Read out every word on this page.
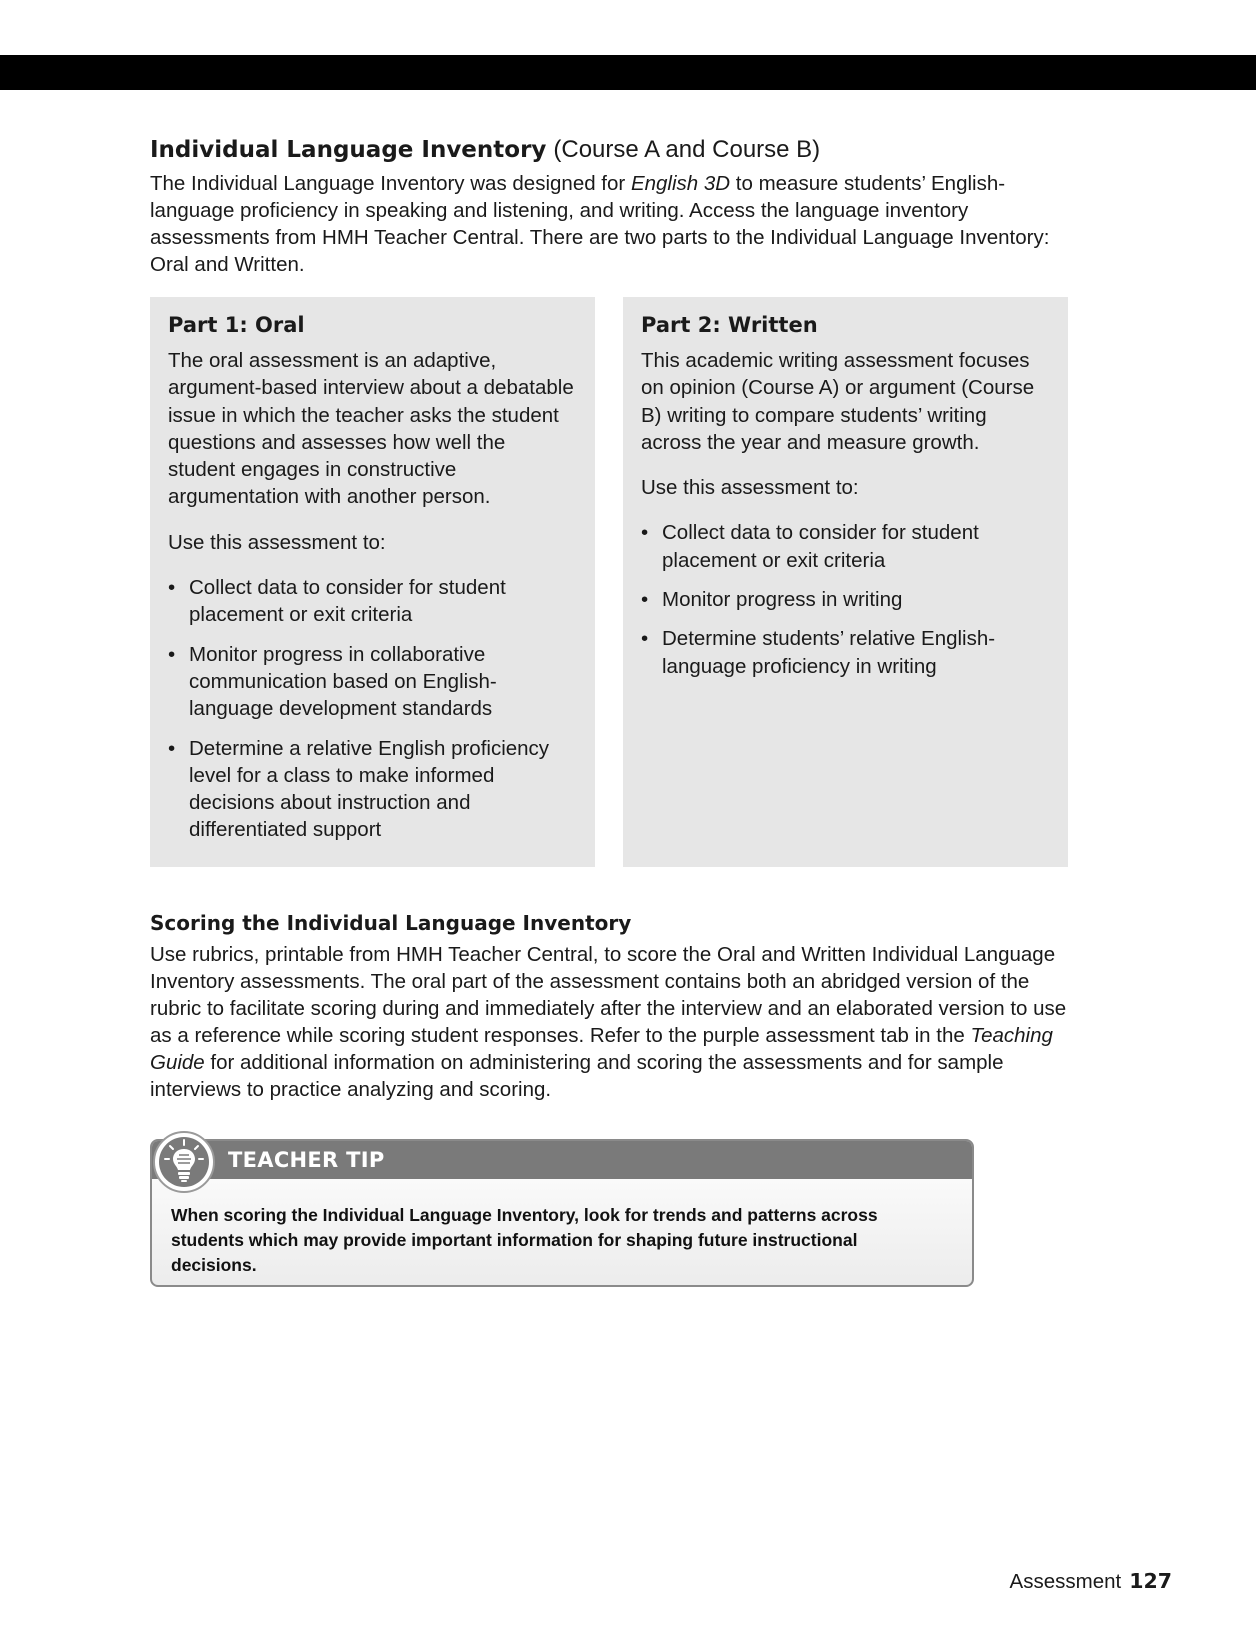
Individual Language Inventory (Course A and Course B)

The Individual Language Inventory was designed for English 3D to measure students’ English-language proficiency in speaking and listening, and writing. Access the language inventory assessments from HMH Teacher Central. There are two parts to the Individual Language Inventory: Oral and Written.

Part 1: Oral

The oral assessment is an adaptive, argument-based interview about a debatable issue in which the teacher asks the student questions and assesses how well the student engages in constructive argumentation with another person.

Use this assessment to:

• Collect data to consider for student placement or exit criteria
• Monitor progress in collaborative communication based on English-language development standards
• Determine a relative English proficiency level for a class to make informed decisions about instruction and differentiated support
Part 2: Written

This academic writing assessment focuses on opinion (Course A) or argument (Course B) writing to compare students’ writing across the year and measure growth.

Use this assessment to:

• Collect data to consider for student placement or exit criteria
• Monitor progress in writing
• Determine students’ relative English-language proficiency in writing
Scoring the Individual Language Inventory

Use rubrics, printable from HMH Teacher Central, to score the Oral and Written Individual Language Inventory assessments. The oral part of the assessment contains both an abridged version of the rubric to facilitate scoring during and immediately after the interview and an elaborated version to use as a reference while scoring student responses. Refer to the purple assessment tab in the Teaching Guide for additional information on administering and scoring the assessments and for sample interviews to practice analyzing and scoring.

TEACHER TIP
When scoring the Individual Language Inventory, look for trends and patterns across students which may provide important information for shaping future instructional decisions.
Assessment 127
